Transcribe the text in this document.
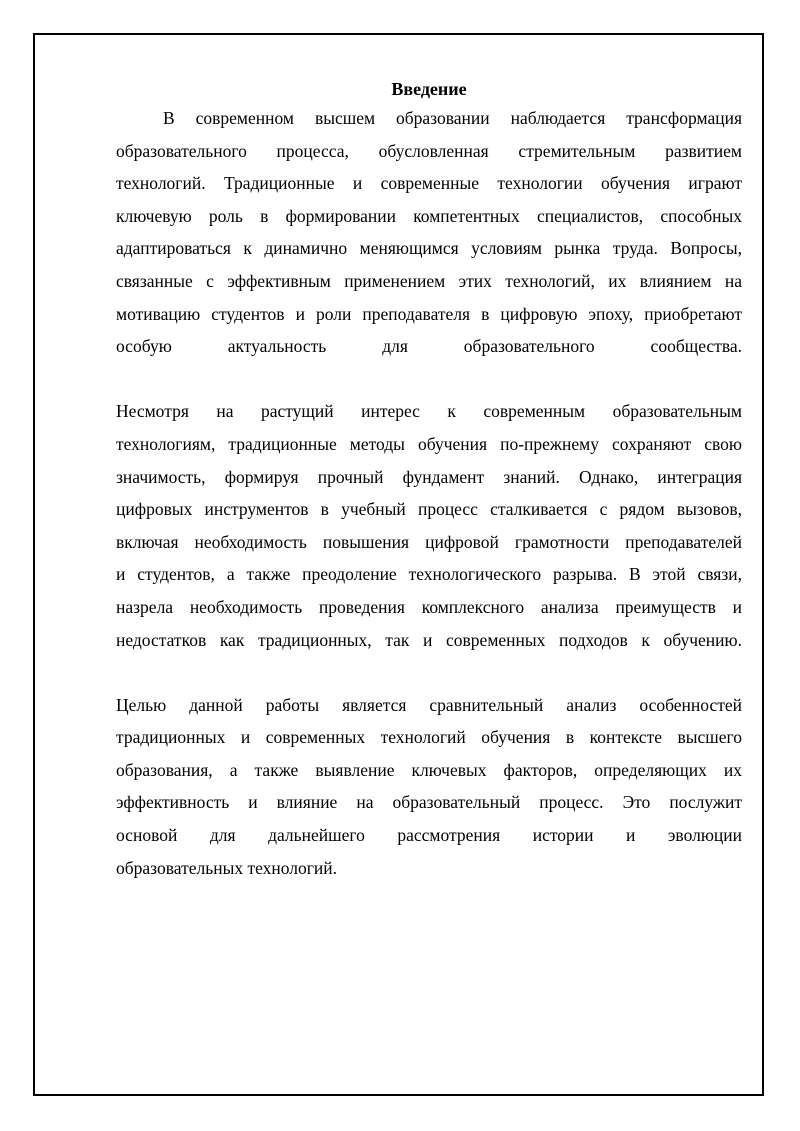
Введение
В современном высшем образовании наблюдается трансформация
образовательного процесса, обусловленная стремительным развитием
технологий. Традиционные и современные технологии обучения играют
ключевую роль в формировании компетентных специалистов, способных
адаптироваться к динамично меняющимся условиям рынка труда. Вопросы,
связанные с эффективным применением этих технологий, их влиянием на
мотивацию студентов и роли преподавателя в цифровую эпоху, приобретают
особую актуальность для образовательного сообщества.
Несмотря на растущий интерес к современным образовательным
технологиям, традиционные методы обучения по-прежнему сохраняют свою
значимость, формируя прочный фундамент знаний. Однако, интеграция
цифровых инструментов в учебный процесс сталкивается с рядом вызовов,
включая необходимость повышения цифровой грамотности преподавателей
и студентов, а также преодоление технологического разрыва. В этой связи,
назрела необходимость проведения комплексного анализа преимуществ и
недостатков как традиционных, так и современных подходов к обучению.
Целью данной работы является сравнительный анализ особенностей
традиционных и современных технологий обучения в контексте высшего
образования, а также выявление ключевых факторов, определяющих их
эффективность и влияние на образовательный процесс. Это послужит
основой для дальнейшего рассмотрения истории и эволюции
образовательных технологий.
